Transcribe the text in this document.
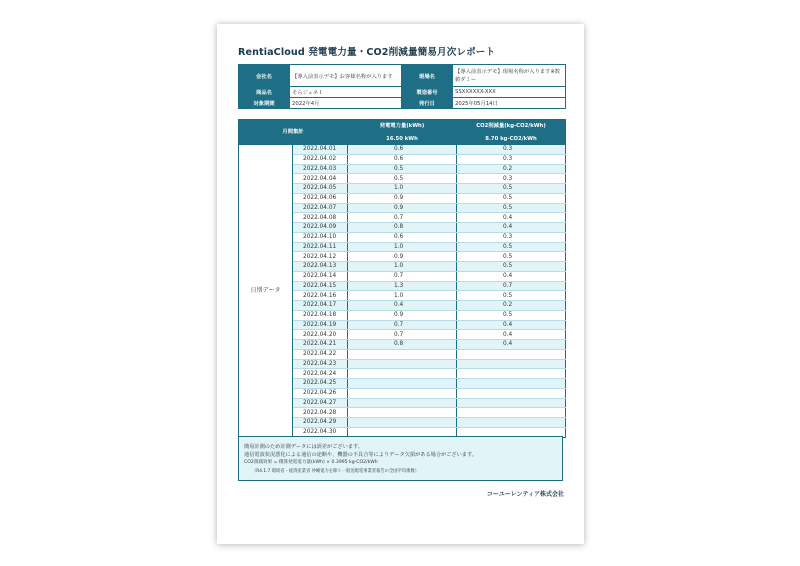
RentiaCloud 発電電力量・CO2削減量簡易月次レポート
会社名	【導入前表示デモ】お客様名称が入ります	現場名	【導入前表示デモ】現場名称が入ります※数値ダミー
商品名	そらジェネ I	製造番号	SSXXXXXX-XXX
対象期間	2022年4月	発行日	2025年05月14日
月間集計		発電電力量(kWh)	CO2削減量(kg-CO2/kWh)
		16.50 kWh	8.70 kg-CO2/kWh
日別データ	2022.04.01	0.6	0.3
	2022.04.02	0.6	0.3
	2022.04.03	0.5	0.2
	2022.04.04	0.5	0.3
	2022.04.05	1.0	0.5
	2022.04.06	0.9	0.5
	2022.04.07	0.9	0.5
	2022.04.08	0.7	0.4
	2022.04.09	0.8	0.4
	2022.04.10	0.6	0.3
	2022.04.11	1.0	0.5
	2022.04.12	0.9	0.5
	2022.04.13	1.0	0.5
	2022.04.14	0.7	0.4
	2022.04.15	1.3	0.7
	2022.04.16	1.0	0.5
	2022.04.17	0.4	0.2
	2022.04.18	0.9	0.5
	2022.04.19	0.7	0.4
	2022.04.20	0.7	0.4
	2022.04.21	0.8	0.4
	2022.04.22		
	2022.04.23		
	2022.04.24		
	2022.04.25		
	2022.04.26		
	2022.04.27		
	2022.04.28		
	2022.04.29		
	2022.04.30		
簡易計測のため計測データには誤差がございます。
通信電波状況悪化による通信の途断や、機器の不具合等によりデータ欠損がある場合がございます。
CO2削減効果 = 積算発電電力量(kWh) × 0.3995 kg-CO2/kWh
（R4.1.7 環境省・経済産業省 沖縄電力を除く一般送配電事業者報告の全国平均係数）
コーユーレンティア株式会社
